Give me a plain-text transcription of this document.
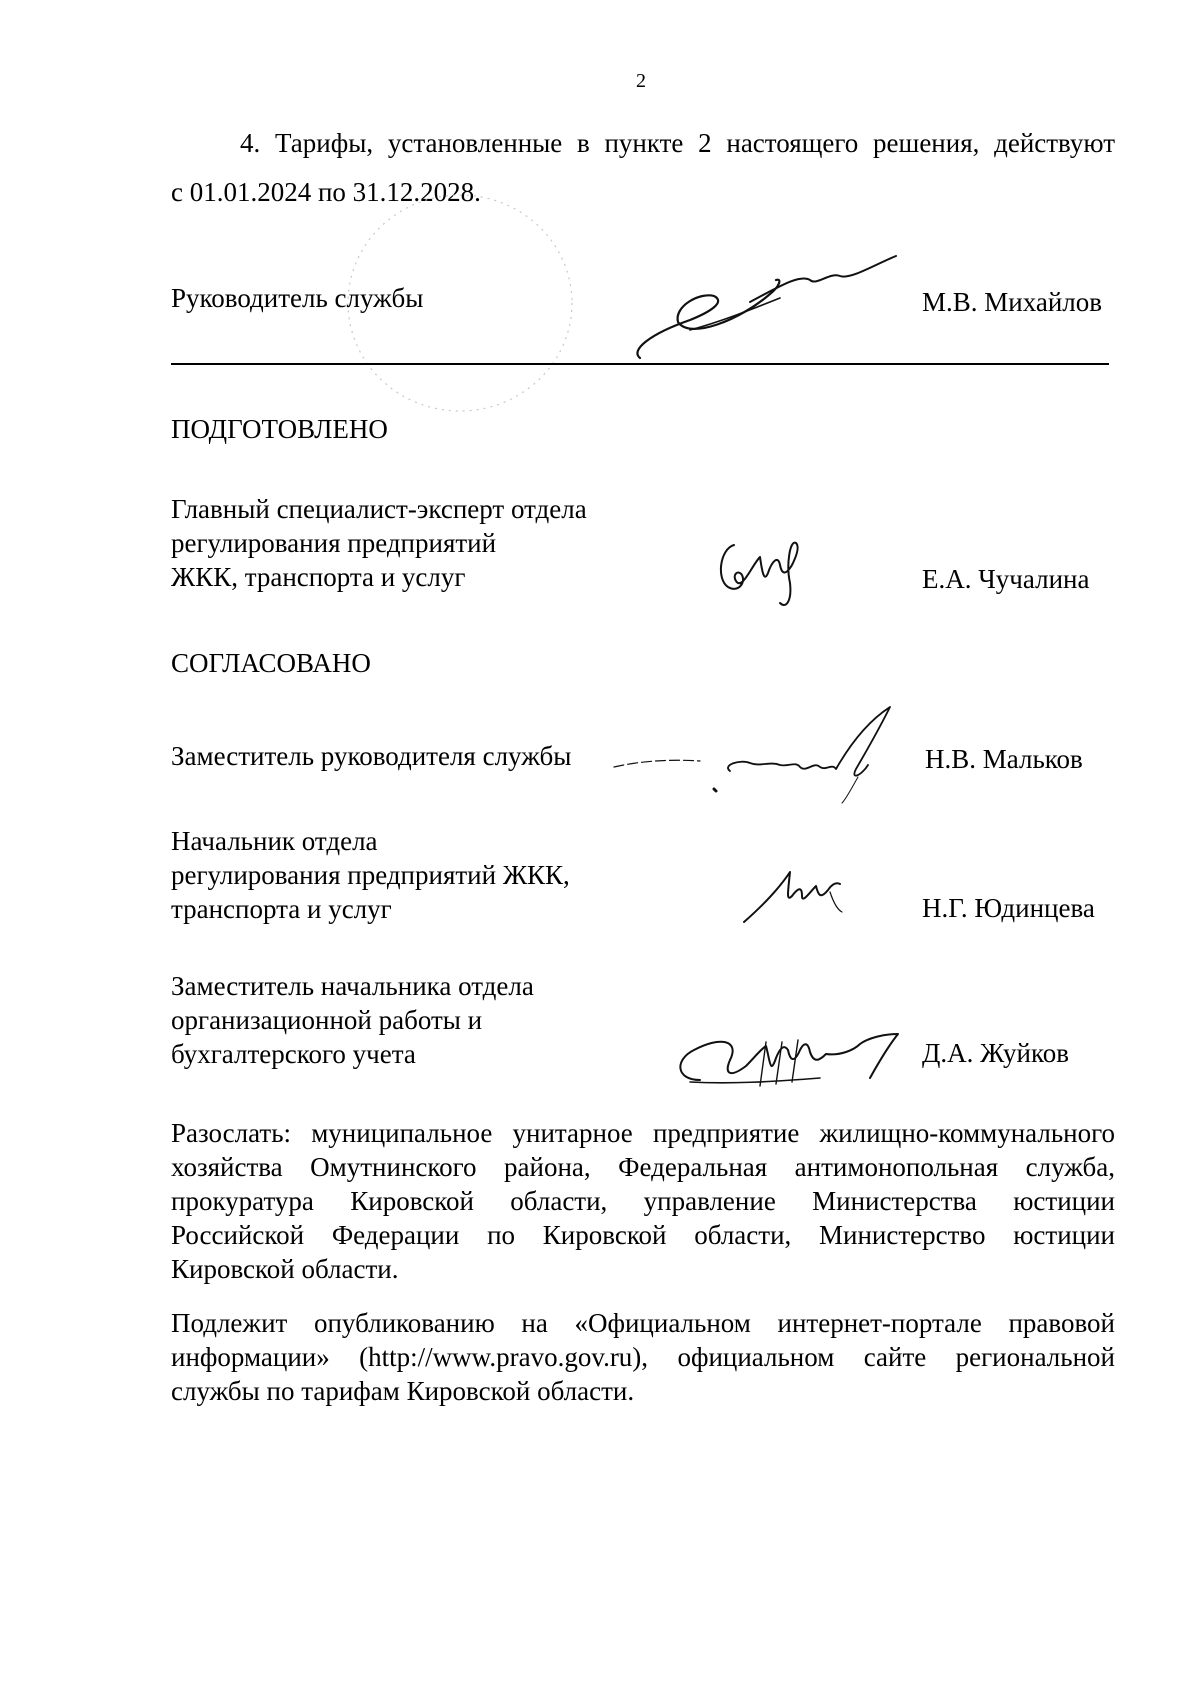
2
4. Тарифы, установленные в пункте 2 настоящего решения, действуют
с 01.01.2024 по 31.12.2028.
Руководитель службы	М.В. Михайлов
ПОДГОТОВЛЕНО
Главный специалист-эксперт отдела
регулирования предприятий
ЖКК, транспорта и услуг	Е.А. Чучалина
СОГЛАСОВАНО
Заместитель руководителя службы	Н.В. Мальков
Начальник отдела
регулирования предприятий ЖКК,
транспорта и услуг	Н.Г. Юдинцева
Заместитель начальника отдела
организационной работы и
бухгалтерского учета	Д.А. Жуйков
Разослать: муниципальное унитарное предприятие жилищно-коммунального
хозяйства Омутнинского района, Федеральная антимонопольная служба,
прокуратура Кировской области, управление Министерства юстиции
Российской Федерации по Кировской области, Министерство юстиции
Кировской области.
Подлежит опубликованию на «Официальном интернет-портале правовой
информации» (http://www.pravo.gov.ru), официальном сайте региональной
службы по тарифам Кировской области.
